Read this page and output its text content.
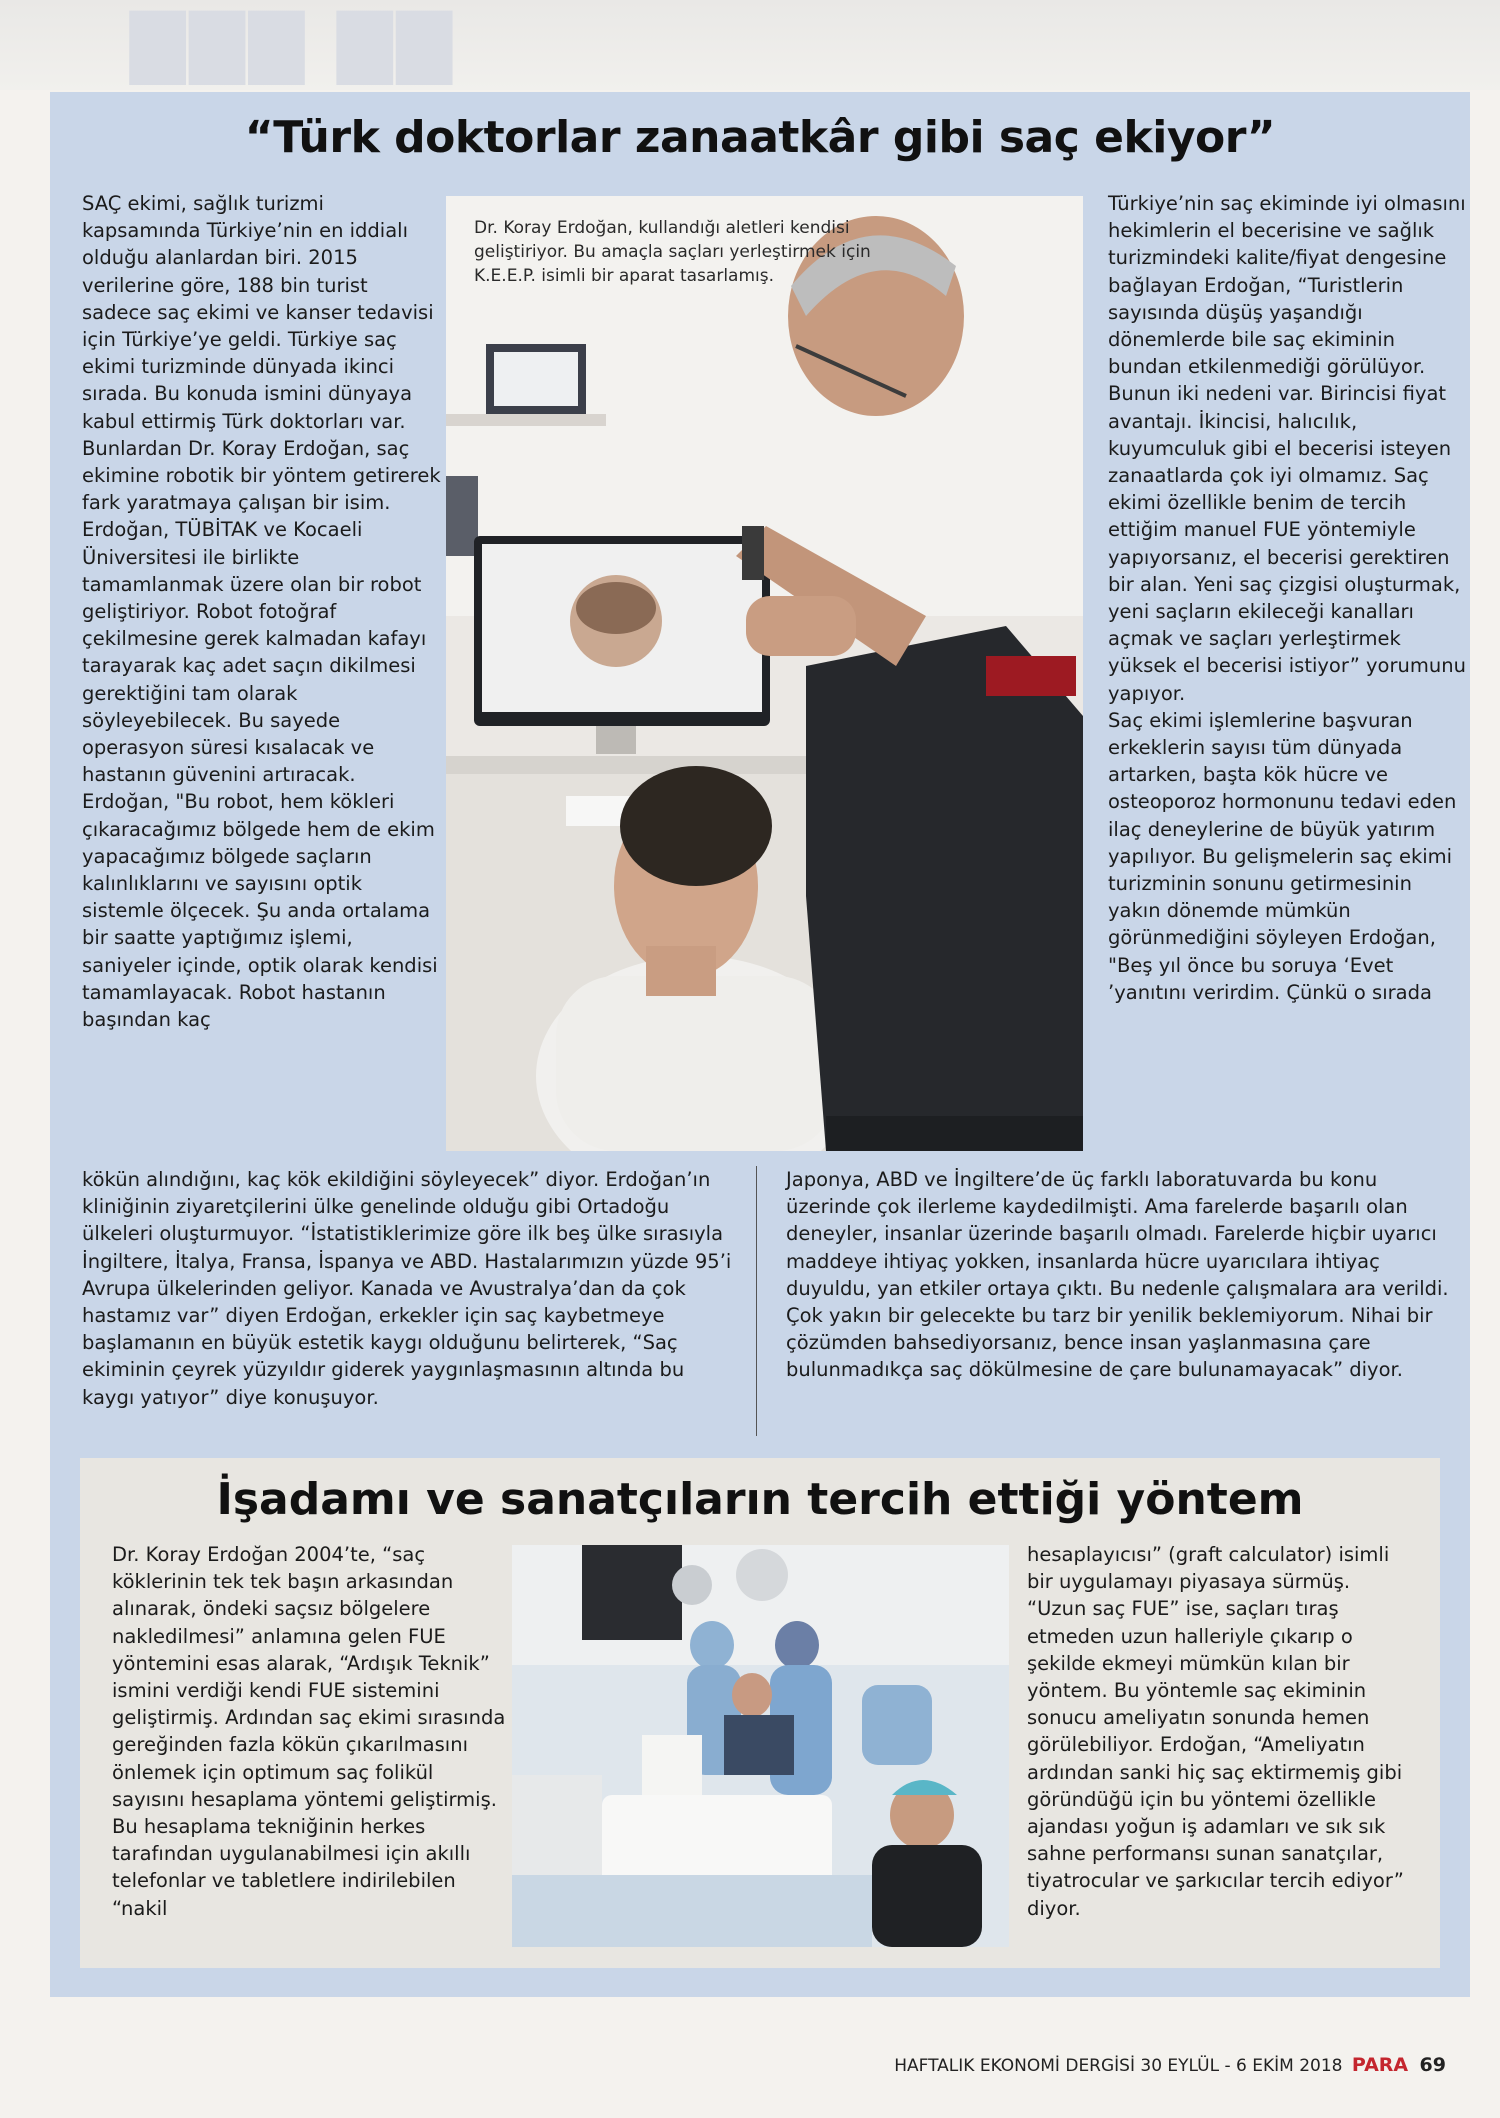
▇▇▇ ▇▇
“Türk doktorlar zanaatkâr gibi saç ekiyor”

SAÇ ekimi, sağlık turizmi kapsamında Türkiye’nin en iddialı olduğu alanlardan biri. 2015 verilerine göre, 188 bin turist sadece saç ekimi ve kanser tedavisi için Türkiye’ye geldi. Türkiye saç ekimi turizminde dünyada ikinci sırada. Bu konuda ismini dünyaya kabul ettirmiş Türk doktorları var. Bunlardan Dr. Koray Erdoğan, saç ekimine robotik bir yöntem getirerek fark yaratmaya çalışan bir isim.

Erdoğan, TÜBİTAK ve Kocaeli Üniversitesi ile birlikte tamamlanmak üzere olan bir robot geliştiriyor. Robot fotoğraf çekilmesine gerek kalmadan kafayı tarayarak kaç adet saçın dikilmesi gerektiğini tam olarak söyleyebilecek. Bu sayede operasyon süresi kısalacak ve hastanın güvenini artıracak. Erdoğan, "Bu robot, hem kökleri çıkaracağımız bölgede hem de ekim yapacağımız bölgede saçların kalınlıklarını ve sayısını optik sistemle ölçecek. Şu anda ortalama bir saatte yaptığımız işlemi, saniyeler içinde, optik olarak kendisi tamamlayacak. Robot hastanın başından kaç

Dr. Koray Erdoğan, kullandığı aletleri kendisi geliştiriyor. Bu amaçla saçları yerleştirmek için K.E.E.P. isimli bir aparat tasarlamış.

Türkiye’nin saç ekiminde iyi olmasını hekimlerin el becerisine ve sağlık turizmindeki kalite/fiyat dengesine bağlayan Erdoğan, “Turistlerin sayısında düşüş yaşandığı dönemlerde bile saç ekiminin bundan etkilenmediği görülüyor. Bunun iki nedeni var. Birincisi fiyat avantajı. İkincisi, halıcılık, kuyumculuk gibi el becerisi isteyen zanaatlarda çok iyi olmamız. Saç ekimi özellikle benim de tercih ettiğim manuel FUE yöntemiyle yapıyorsanız, el becerisi gerektiren bir alan. Yeni saç çizgisi oluşturmak, yeni saçların ekileceği kanalları açmak ve saçları yerleştirmek yüksek el becerisi istiyor” yorumunu yapıyor.

Saç ekimi işlemlerine başvuran erkeklerin sayısı tüm dünyada artarken, başta kök hücre ve osteoporoz hormonunu tedavi eden ilaç deneylerine de büyük yatırım yapılıyor. Bu gelişmelerin saç ekimi turizminin sonunu getirmesinin yakın dönemde mümkün görünmediğini söyleyen Erdoğan, "Beş yıl önce bu soruya ‘Evet ’yanıtını verirdim. Çünkü o sırada

kökün alındığını, kaç kök ekildiğini söyleyecek” diyor. Erdoğan’ın kliniğinin ziyaretçilerini ülke genelinde olduğu gibi Ortadoğu ülkeleri oluşturmuyor. “İstatistiklerimize göre ilk beş ülke sırasıyla İngiltere, İtalya, Fransa, İspanya ve ABD. Hastalarımızın yüzde 95’i Avrupa ülkelerinden geliyor. Kanada ve Avustralya’dan da çok hastamız var” diyen Erdoğan, erkekler için saç kaybetmeye başlamanın en büyük estetik kaygı olduğunu belirterek, “Saç ekiminin çeyrek yüzyıldır giderek yaygınlaşmasının altında bu kaygı yatıyor” diye konuşuyor.

Japonya, ABD ve İngiltere’de üç farklı laboratuvarda bu konu üzerinde çok ilerleme kaydedilmişti. Ama farelerde başarılı olan deneyler, insanlar üzerinde başarılı olmadı. Farelerde hiçbir uyarıcı maddeye ihtiyaç yokken, insanlarda hücre uyarıcılara ihtiyaç duyuldu, yan etkiler ortaya çıktı. Bu nedenle çalışmalara ara verildi. Çok yakın bir gelecekte bu tarz bir yenilik beklemiyorum. Nihai bir çözümden bahsediyorsanız, bence insan yaşlanmasına çare bulunmadıkça saç dökülmesine de çare bulunamayacak” diyor.

İşadamı ve sanatçıların tercih ettiği yöntem

Dr. Koray Erdoğan 2004’te, “saç köklerinin tek tek başın arkasından alınarak, öndeki saçsız bölgelere nakledilmesi” anlamına gelen FUE yöntemini esas alarak, “Ardışık Teknik” ismini verdiği kendi FUE sistemini geliştirmiş. Ardından saç ekimi sırasında gereğinden fazla kökün çıkarılmasını önlemek için optimum saç folikül sayısını hesaplama yöntemi geliştirmiş. Bu hesaplama tekniğinin herkes tarafından uygulanabilmesi için akıllı telefonlar ve tabletlere indirilebilen “nakil

hesaplayıcısı” (graft calculator) isimli bir uygulamayı piyasaya sürmüş. “Uzun saç FUE” ise, saçları tıraş etmeden uzun halleriyle çıkarıp o şekilde ekmeyi mümkün kılan bir yöntem. Bu yöntemle saç ekiminin sonucu ameliyatın sonunda hemen görülebiliyor. Erdoğan, “Ameliyatın ardından sanki hiç saç ektirmemiş gibi göründüğü için bu yöntemi özellikle ajandası yoğun iş adamları ve sık sık sahne performansı sunan sanatçılar, tiyatrocular ve şarkıcılar tercih ediyor” diyor.

HAFTALIK EKONOMİ DERGİSİ 30 EYLÜL - 6 EKİM 2018 PARA 69
